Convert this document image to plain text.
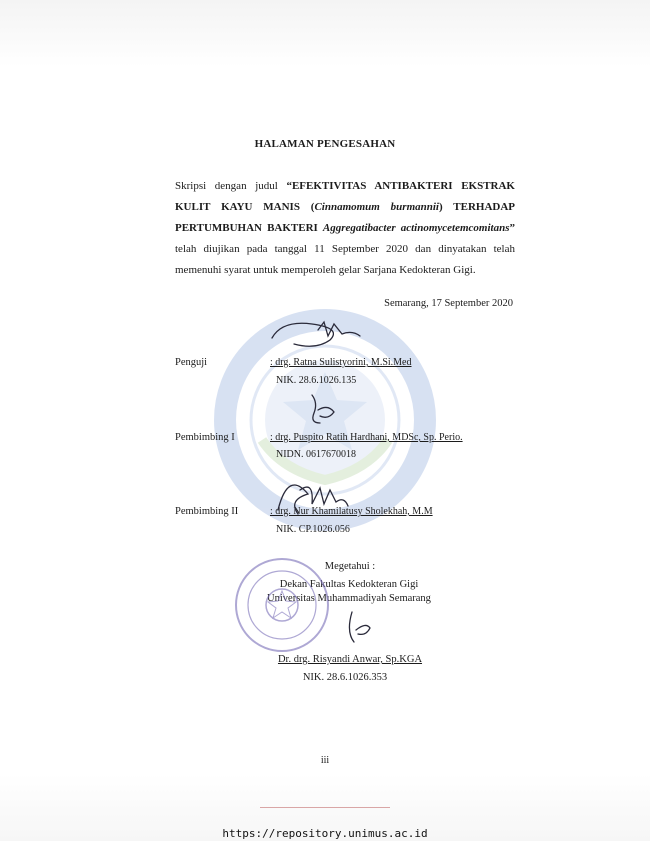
HALAMAN PENGESAHAN
Skripsi dengan judul “EFEKTIVITAS ANTIBAKTERI EKSTRAK KULIT KAYU MANIS (Cinnamomum burmannii) TERHADAP PERTUMBUHAN BAKTERI Aggregatibacter actinomycetemcomitans” telah diujikan pada tanggal 11 September 2020 dan dinyatakan telah memenuhi syarat untuk memperoleh gelar Sarjana Kedokteran Gigi.
Semarang, 17 September 2020
Penguji	: drg. Ratna Sulistyorini, M.Si.Med
NIK. 28.6.1026.135
Pembimbing I	: drg. Puspito Ratih Hardhani, MDSc, Sp. Perio.
NIDN. 0617670018
Pembimbing II	: drg. Nur Khamilatusy Sholekhah, M.M
NIK. CP.1026.056
Megetahui :
Dekan Fakultas Kedokteran Gigi
Universitas Muhammadiyah Semarang
Dr. drg. Risyandi Anwar, Sp.KGA
NIK. 28.6.1026.353
iii
https://repository.unimus.ac.id
